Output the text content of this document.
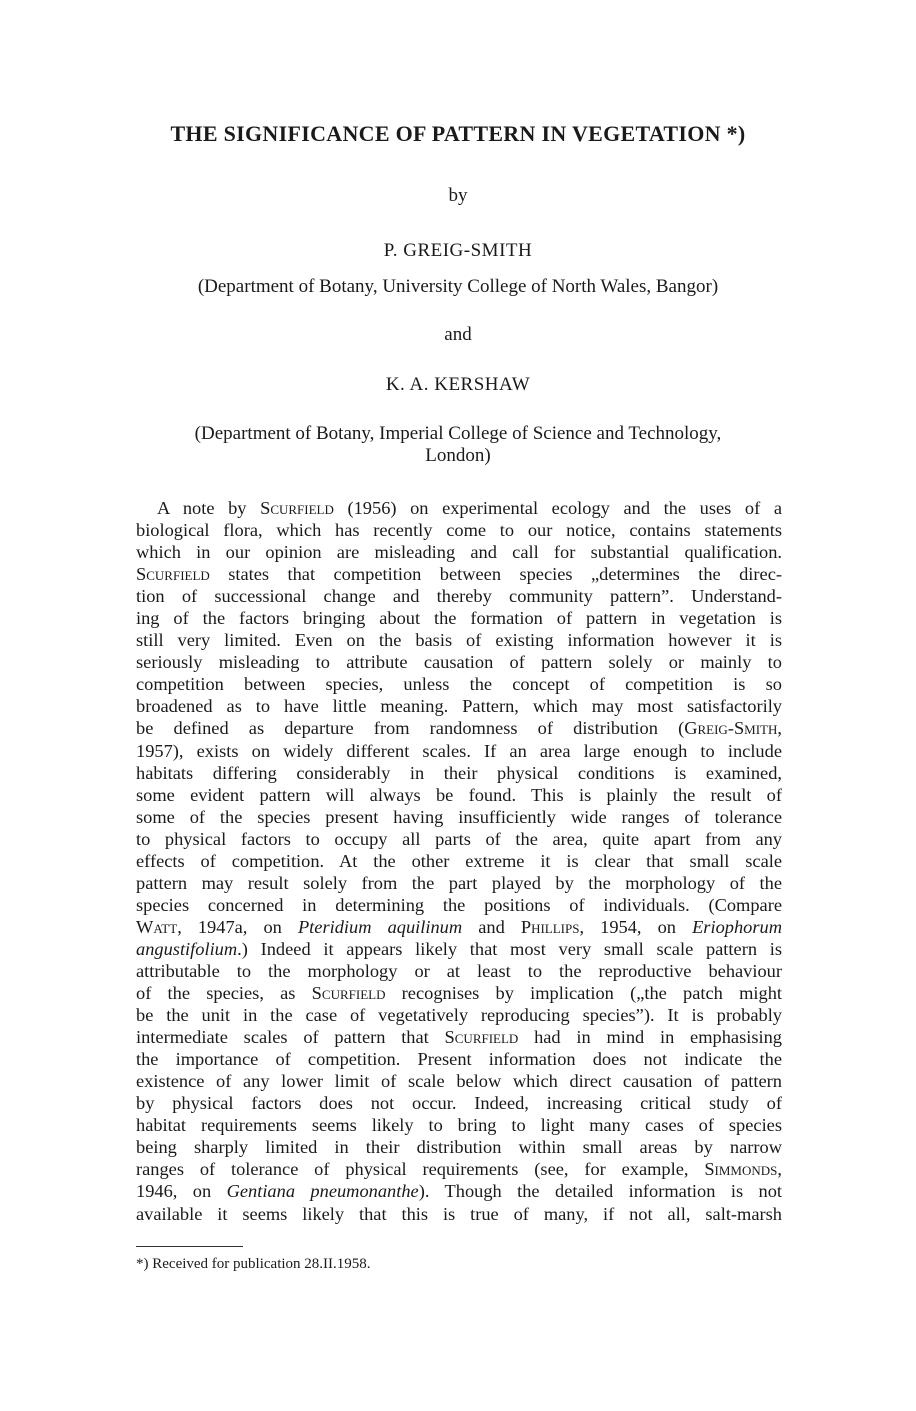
THE SIGNIFICANCE OF PATTERN IN VEGETATION *)
by
P. GREIG-SMITH
(Department of Botany, University College of North Wales, Bangor)
and
K. A. KERSHAW
(Department of Botany, Imperial College of Science and Technology,
London)
A note by Scurfield (1956) on experimental ecology and the uses of a
biological flora, which has recently come to our notice, contains statements
which in our opinion are misleading and call for substantial qualification.
Scurfield states that competition between species „determines the direc-
tion of successional change and thereby community pattern”. Understand-
ing of the factors bringing about the formation of pattern in vegetation is
still very limited. Even on the basis of existing information however it is
seriously misleading to attribute causation of pattern solely or mainly to
competition between species, unless the concept of competition is so
broadened as to have little meaning. Pattern, which may most satisfactorily
be defined as departure from randomness of distribution (Greig-Smith,
1957), exists on widely different scales. If an area large enough to include
habitats differing considerably in their physical conditions is examined,
some evident pattern will always be found. This is plainly the result of
some of the species present having insufficiently wide ranges of tolerance
to physical factors to occupy all parts of the area, quite apart from any
effects of competition. At the other extreme it is clear that small scale
pattern may result solely from the part played by the morphology of the
species concerned in determining the positions of individuals. (Compare
Watt, 1947a, on Pteridium aquilinum and Phillips, 1954, on Eriophorum
angustifolium.) Indeed it appears likely that most very small scale pattern is
attributable to the morphology or at least to the reproductive behaviour
of the species, as Scurfield recognises by implication („the patch might
be the unit in the case of vegetatively reproducing species”). It is probably
intermediate scales of pattern that Scurfield had in mind in emphasising
the importance of competition. Present information does not indicate the
existence of any lower limit of scale below which direct causation of pattern
by physical factors does not occur. Indeed, increasing critical study of
habitat requirements seems likely to bring to light many cases of species
being sharply limited in their distribution within small areas by narrow
ranges of tolerance of physical requirements (see, for example, Simmonds,
1946, on Gentiana pneumonanthe). Though the detailed information is not
available it seems likely that this is true of many, if not all, salt-marsh
*) Received for publication 28.II.1958.
